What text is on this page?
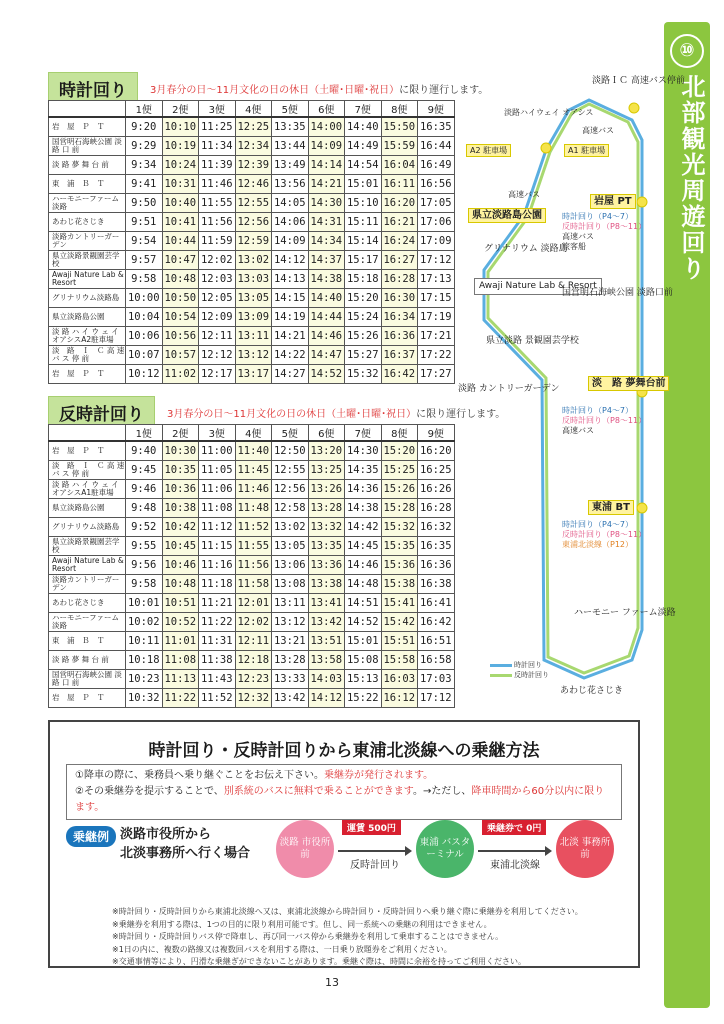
⑩
北部観光周遊回り
時計回り	3月春分の日～11月文化の日の休日（土曜･日曜･祝日）に限り運行します。
	1便	2便	3便	4便	5便	6便	7便	8便	9便
岩　屋　Ｐ　Ｔ	9:20	10:10	11:25	12:25	13:35	14:00	14:40	15:50	16:35
国営明石海峡公園 淡 路 口 前	9:29	10:19	11:34	12:34	13:44	14:09	14:49	15:59	16:44
淡 路 夢 舞 台 前	9:34	10:24	11:39	12:39	13:49	14:14	14:54	16:04	16:49
東　浦　Ｂ　Ｔ	9:41	10:31	11:46	12:46	13:56	14:21	15:01	16:11	16:56
ハーモニーファーム淡路	9:50	10:40	11:55	12:55	14:05	14:30	15:10	16:20	17:05
あわじ花さじき	9:51	10:41	11:56	12:56	14:06	14:31	15:11	16:21	17:06
淡路カントリーガーデン	9:54	10:44	11:59	12:59	14:09	14:34	15:14	16:24	17:09
県立淡路景観園芸学校	9:57	10:47	12:02	13:02	14:12	14:37	15:17	16:27	17:12
Awaji Nature Lab & Resort	9:58	10:48	12:03	13:03	14:13	14:38	15:18	16:28	17:13
グリナリウム淡路島	10:00	10:50	12:05	13:05	14:15	14:40	15:20	16:30	17:15
県立淡路島公園	10:04	10:54	12:09	13:09	14:19	14:44	15:24	16:34	17:19
淡 路 ハ イ ウ ェ イ オアシスA2駐車場	10:06	10:56	12:11	13:11	14:21	14:46	15:26	16:36	17:21
淡　路　Ｉ　Ｃ 高 速 バ ス 停 前	10:07	10:57	12:12	13:12	14:22	14:47	15:27	16:37	17:22
岩　屋　Ｐ　Ｔ	10:12	11:02	12:17	13:17	14:27	14:52	15:32	16:42	17:27
反時計回り	3月春分の日～11月文化の日の休日（土曜･日曜･祝日）に限り運行します。
	1便	2便	3便	4便	5便	6便	7便	8便	9便
岩　屋　Ｐ　Ｔ	9:40	10:30	11:00	11:40	12:50	13:20	14:30	15:20	16:20
淡　路　Ｉ　Ｃ 高 速 バ ス 停 前	9:45	10:35	11:05	11:45	12:55	13:25	14:35	15:25	16:25
淡 路 ハ イ ウ ェ イ オアシスA1駐車場	9:46	10:36	11:06	11:46	12:56	13:26	14:36	15:26	16:26
県立淡路島公園	9:48	10:38	11:08	11:48	12:58	13:28	14:38	15:28	16:28
グリナリウム淡路島	9:52	10:42	11:12	11:52	13:02	13:32	14:42	15:32	16:32
県立淡路景観園芸学校	9:55	10:45	11:15	11:55	13:05	13:35	14:45	15:35	16:35
Awaji Nature Lab & Resort	9:56	10:46	11:16	11:56	13:06	13:36	14:46	15:36	16:36
淡路カントリーガーデン	9:58	10:48	11:18	11:58	13:08	13:38	14:48	15:38	16:38
あわじ花さじき	10:01	10:51	11:21	12:01	13:11	13:41	14:51	15:41	16:41
ハーモニーファーム淡路	10:02	10:52	11:22	12:02	13:12	13:42	14:52	15:42	16:42
東　浦　Ｂ　Ｔ	10:11	11:01	11:31	12:11	13:21	13:51	15:01	15:51	16:51
淡 路 夢 舞 台 前	10:18	11:08	11:38	12:18	13:28	13:58	15:08	15:58	16:58
国営明石海峡公園 淡 路 口 前	10:23	11:13	11:43	12:23	13:33	14:03	15:13	16:03	17:03
岩　屋　Ｐ　Ｔ	10:32	11:22	11:52	12:32	13:42	14:12	15:22	16:12	17:12
淡路ＩＣ 高速バス停前
淡路ハイウェイ オアシス
A2 駐車場	A1 駐車場
高速バス
高速バス
県立淡路島公園
岩屋 PT
時計回り（P4～7）
反時計回り（P8～11）
高速バス
旅客船
グリナリウム 淡路島
Awaji Nature Lab & Resort
国営明石海峡公園 淡路口前
県立淡路 景観園芸学校
淡路 カントリーガーデン	淡　路 夢舞台前
時計回り（P4～7）
反時計回り（P8～11）
高速バス
東浦 BT
時計回り（P4～7）
反時計回り（P8～11）
東浦北淡線（P12）
ハーモニー ファーム淡路
時計回り
反時計回り
あわじ花さじき
時計回り・反時計回りから東浦北淡線への乗継方法
①降車の際に、乗務員へ乗り継ぐことをお伝え下さい。乗継券が発行されます。
②その乗継券を提示することで、別系統のバスに無料で乗ることができます。→ただし、降車時間から60分以内に限ります。
乗継例 淡路市役所から
北淡事務所へ行く場合
淡路 市役所前
運賃 500円
反時計回り
東浦 バスターミナル
乗継券で 0円
東浦北淡線
北淡 事務所前
※時計回り・反時計回りから東浦北淡線へ又は、東浦北淡線から時計回り・反時計回りへ乗り継ぐ際に乗継券を利用してください。
※乗継券を利用する際は、1つの目的に限り利用可能です。但し、同一系統への乗継の利用はできません。
※時計回り・反時計回りバス停で降車し、再び同一バス停から乗継券を利用して乗車することはできません。
※1日の内に、複数の路線又は複数回バスを利用する際は、一日乗り放題券をご利用ください。
※交通事情等により、円滑な乗継ぎができないことがあります。乗継ぐ際は、時間に余裕を持ってご利用ください。
13
